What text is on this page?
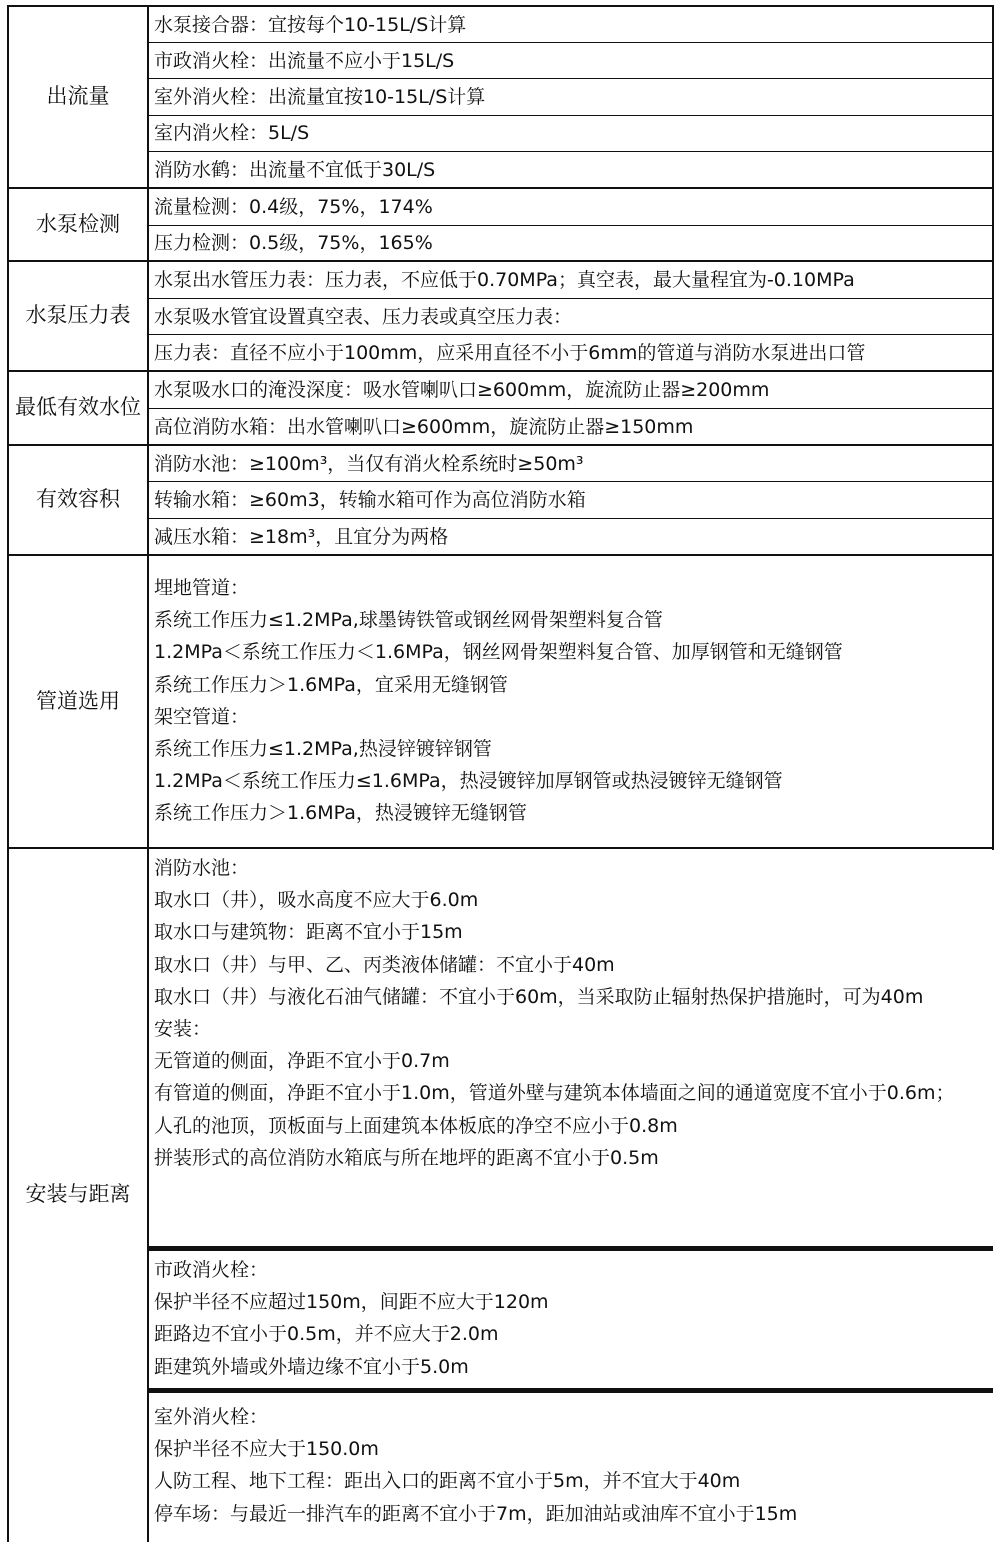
出流量
水泵接合器：宜按每个10-15L/S计算
市政消火栓：出流量不应小于15L/S
室外消火栓：出流量宜按10-15L/S计算
室内消火栓：5L/S
消防水鹤：出流量不宜低于30L/S
水泵检测
流量检测：0.4级，75%，174%
压力检测：0.5级，75%，165%
水泵压力表
水泵出水管压力表：压力表，不应低于0.70MPa；真空表，最大量程宜为-0.10MPa
水泵吸水管宜设置真空表、压力表或真空压力表：
压力表：直径不应小于100mm，应采用直径不小于6mm的管道与消防水泵进出口管
最低有效水位
水泵吸水口的淹没深度：吸水管喇叭口≥600mm，旋流防止器≥200mm
高位消防水箱：出水管喇叭口≥600mm，旋流防止器≥150mm
有效容积
消防水池：≥100m³，当仅有消火栓系统时≥50m³
转输水箱：≥60m3，转输水箱可作为高位消防水箱
减压水箱：≥18m³，且宜分为两格
管道选用
埋地管道：
系统工作压力≤1.2MPa,球墨铸铁管或钢丝网骨架塑料复合管
1.2MPa＜系统工作压力＜1.6MPa，钢丝网骨架塑料复合管、加厚钢管和无缝钢管
系统工作压力＞1.6MPa，宜采用无缝钢管
架空管道：
系统工作压力≤1.2MPa,热浸锌镀锌钢管
1.2MPa＜系统工作压力≤1.6MPa，热浸镀锌加厚钢管或热浸镀锌无缝钢管
系统工作压力＞1.6MPa，热浸镀锌无缝钢管
安装与距离
消防水池：
取水口（井），吸水高度不应大于6.0m
取水口与建筑物：距离不宜小于15m
取水口（井）与甲、乙、丙类液体储罐：不宜小于40m
取水口（井）与液化石油气储罐：不宜小于60m，当采取防止辐射热保护措施时，可为40m
安装：
无管道的侧面，净距不宜小于0.7m
有管道的侧面，净距不宜小于1.0m，管道外壁与建筑本体墙面之间的通道宽度不宜小于0.6m；
人孔的池顶，顶板面与上面建筑本体板底的净空不应小于0.8m
拼装形式的高位消防水箱底与所在地坪的距离不宜小于0.5m
市政消火栓：
保护半径不应超过150m，间距不应大于120m
距路边不宜小于0.5m，并不应大于2.0m
距建筑外墙或外墙边缘不宜小于5.0m
室外消火栓：
保护半径不应大于150.0m
人防工程、地下工程：距出入口的距离不宜小于5m，并不宜大于40m
停车场：与最近一排汽车的距离不宜小于7m，距加油站或油库不宜小于15m
